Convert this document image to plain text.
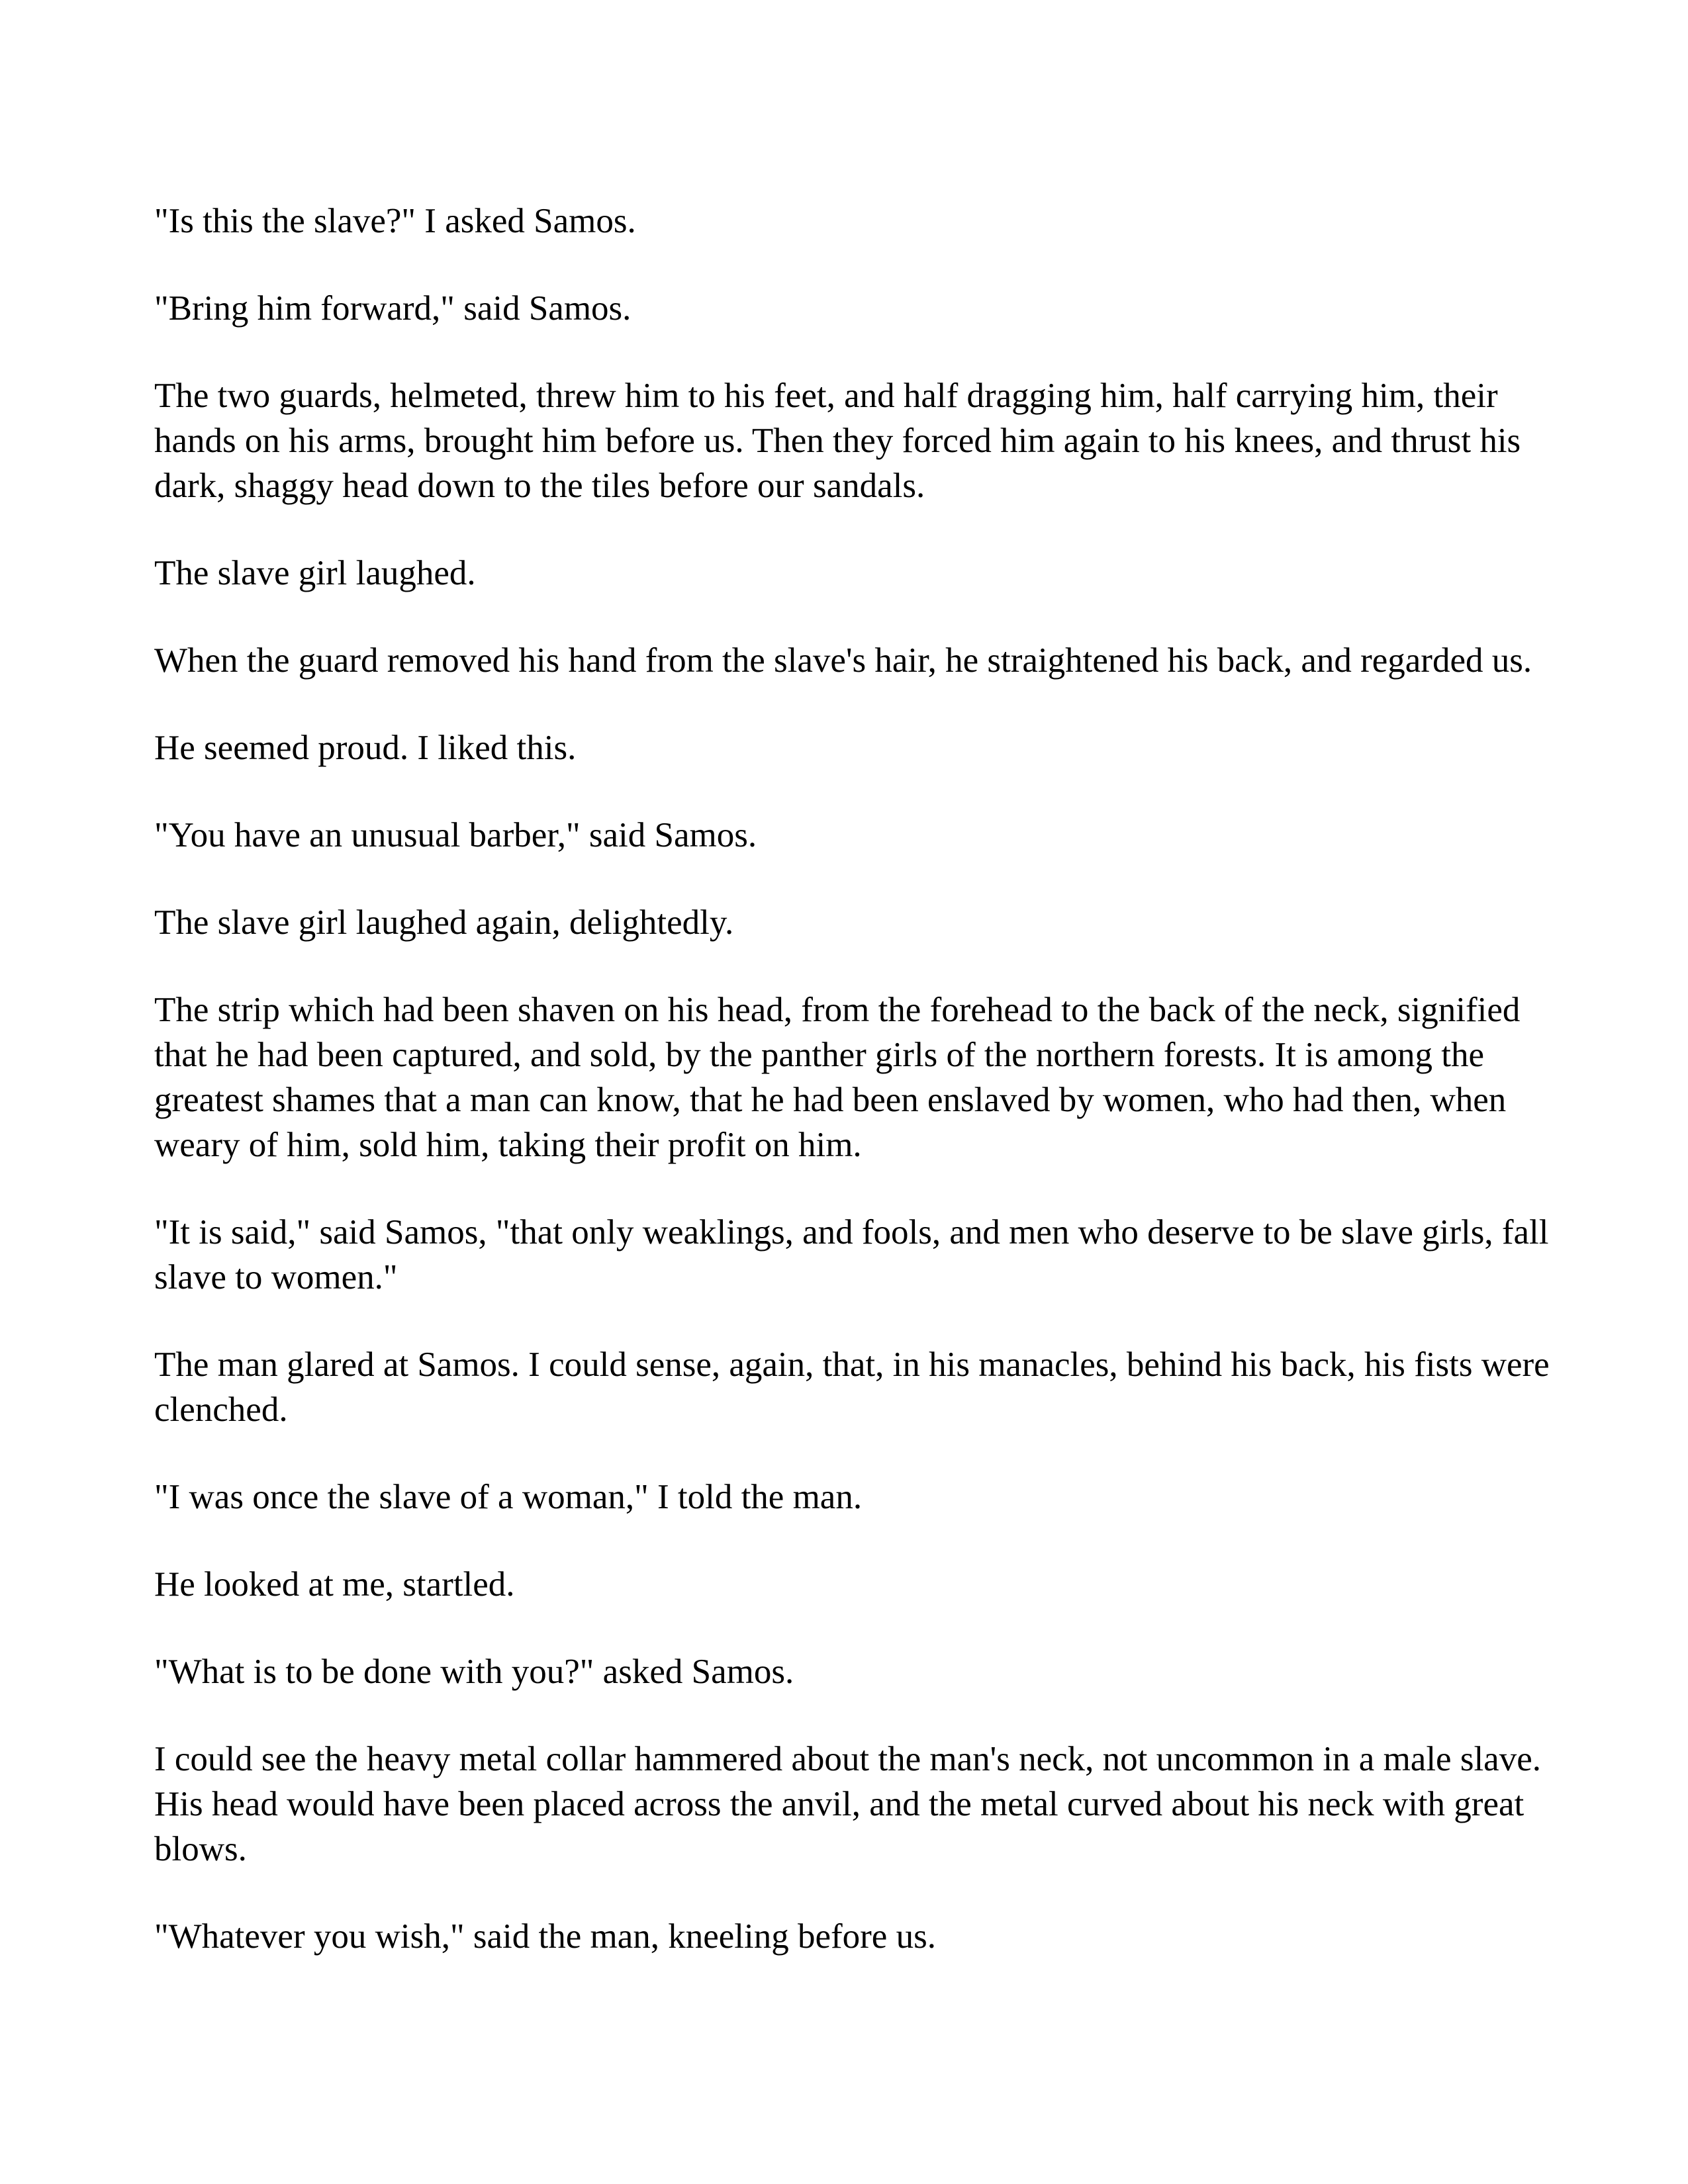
"Is this the slave?" I asked Samos.

"Bring him forward," said Samos.

The two guards, helmeted, threw him to his feet, and half dragging him, half carrying him, their hands on his arms, brought him before us. Then they forced him again to his knees, and thrust his dark, shaggy head down to the tiles before our sandals.

The slave girl laughed.

When the guard removed his hand from the slave's hair, he straightened his back, and regarded us.

He seemed proud. I liked this.

"You have an unusual barber," said Samos.

The slave girl laughed again, delightedly.

The strip which had been shaven on his head, from the forehead to the back of the neck, signified that he had been captured, and sold, by the panther girls of the northern forests. It is among the greatest shames that a man can know, that he had been enslaved by women, who had then, when weary of him, sold him, taking their profit on him.

"It is said," said Samos, "that only weaklings, and fools, and men who deserve to be slave girls, fall slave to women."

The man glared at Samos. I could sense, again, that, in his manacles, behind his back, his fists were clenched.

"I was once the slave of a woman," I told the man.

He looked at me, startled.

"What is to be done with you?" asked Samos.

I could see the heavy metal collar hammered about the man's neck, not uncommon in a male slave. His head would have been placed across the anvil, and the metal curved about his neck with great blows.

"Whatever you wish," said the man, kneeling before us.
